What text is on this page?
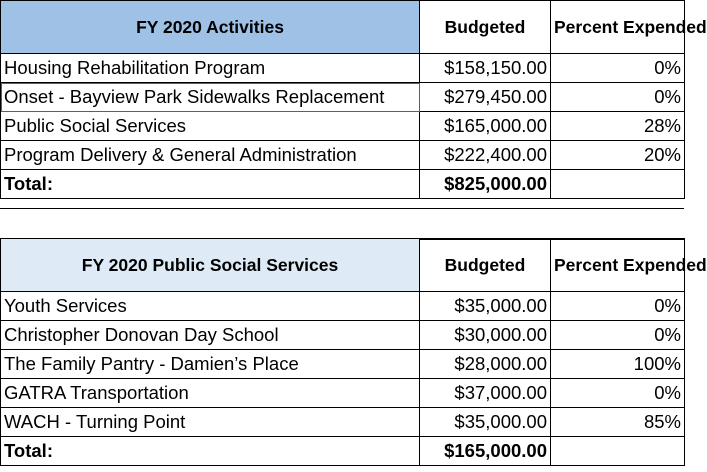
FY 2020 Activities	Budgeted	Percent Expended
Housing Rehabilitation Program	$158,150.00	0%
Onset - Bayview Park Sidewalks Replacement	$279,450.00	0%
Public Social Services	$165,000.00	28%
Program Delivery & General Administration	$222,400.00	20%
Total:	$825,000.00	
FY 2020 Public Social Services	Budgeted	Percent Expended
Youth Services	$35,000.00	0%
Christopher Donovan Day School	$30,000.00	0%
The Family Pantry - Damien’s Place	$28,000.00	100%
GATRA Transportation	$37,000.00	0%
WACH - Turning Point	$35,000.00	85%
Total:	$165,000.00	
